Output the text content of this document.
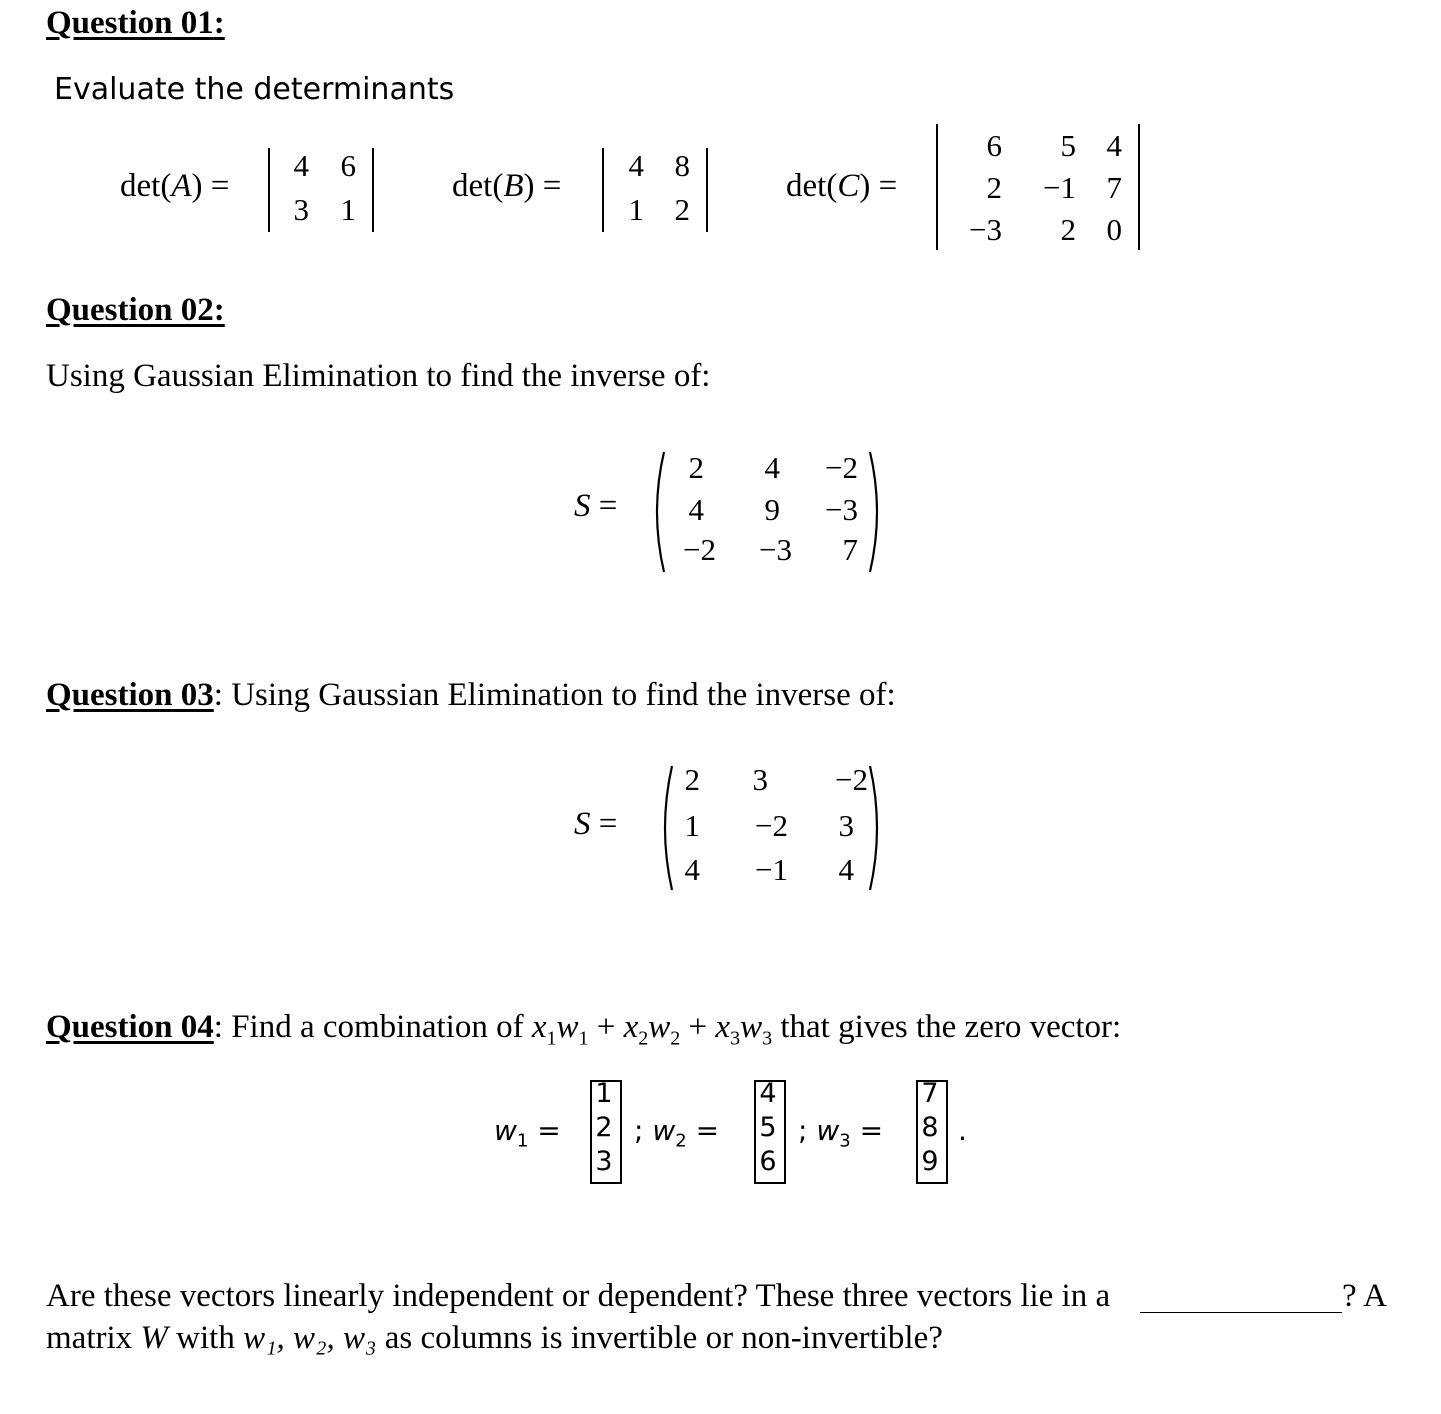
Question 01:
Evaluate the determinants
det(A) =
4	6
3	1
det(B) =
4 8
1 2
det(C) =
6	5 4
2	−1 7
−3	2 0
Question 02:
Using Gaussian Elimination to find the inverse of:
S =
2	4	−2
4	9	−3
−2	−3	7
Question 03: Using Gaussian Elimination to find the inverse of:
S =
2	3	−2
1	−2	3
4	−1	4
Question 04: Find a combination of $x_1w_1 + x_2w_2 + x_3w_3$ that gives the zero vector:
$w_1$ =
1
2
3
; $w_2$ =
4
5
6
; $w_3$ =
7
8
9
.
Are these vectors linearly independent or dependent? These three vectors lie in a	? A
matrix W with w₁, w₂, w₃ as columns is invertible or non-invertible?
